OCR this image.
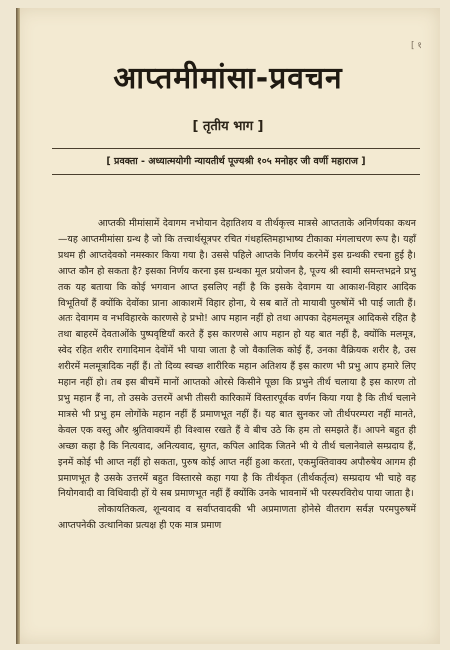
[ १
आप्तमीमांसा-प्रवचन
[ तृतीय भाग ]
[ प्रवक्ता - अध्यात्मयोगी न्यायतीर्थ पूज्यश्री १०५ मनोहर जी वर्णी महाराज ]

आप्तकी मीमांसामें देवागम नभोयान देहातिशय व तीर्थकृत्त्व मात्रसे आप्तताके अनिर्णयका कथन—यह आप्तमीमांसा ग्रन्थ है जो कि तत्त्वार्थसूत्रपर रचित गंधहस्तिमहाभाष्य टीकाका मंगलाचरण रूप है। यहाँ प्रथम ही आप्तदेवको नमस्कार किया गया है। उससे पहिले आप्तके निर्णय करनेमें इस ग्रन्थकी रचना हुई है। आप्त कौन हो सकता है? इसका निर्णय करना इस ग्रन्थका मूल प्रयोजन है, पूज्य श्री स्वामी समन्तभद्रने प्रभु तक यह बताया कि कोई भगवान आप्त इसलिए नहीं है कि इसके देवागम या आकाश-विहार आदिक विभूतियाँ हैं क्योंकि देवोंका प्राना आकाशमें विहार होना, ये सब बातें तो मायावी पुरुषोंमें भी पाई जाती हैं। अतः देवागम व नभविहारके कारणसे हे प्रभो! आप महान नहीं हो तथा आपका देहमलमूत्र आदिकसे रहित है तथा बाहरमें देवताओंके पुष्पवृष्टियाँ करते हैं इस कारणसे आप महान हो यह बात नहीं है, क्योंकि मलमूत्र, स्वेद रहित शरीर रागादिमान देवोंमें भी पाया जाता है जो वैकालिक कोई हैं, उनका वैक्रियक शरीर है, उस शरीरमें मलमूत्रादिक नहीं हैं। तो दिव्य स्वच्छ शारीरिक महान अतिशय हैं इस कारण भी प्रभु आप हमारे लिए महान नहीं हो। तब इस बीचमें मानों आप्तको ओरसे किसीने पूछा कि प्रभुने तीर्थ चलाया है इस कारण तो प्रभु महान हैं ना, तो उसके उत्तरमें अभी तीसरी कारिकामें विस्तारपूर्वक वर्णन किया गया है कि तीर्थ चलाने मात्रसे भी प्रभु हम लोगोंके महान नहीं हैं प्रमाणभूत नहीं हैं। यह बात सुनकर जो तीर्थपरम्परा नहीं मानते, केवल एक वस्तु और श्रुतिवाक्यमें ही विश्वास रखते हैं वे बीच उठे कि हम तो समझते हैं। आपने बहुत ही अच्छा कहा है कि नित्यवाद, अनित्यवाद, सुगत, कपिल आदिक जितने भी ये तीर्थ चलानेवाले सम्प्रदाय हैं, इनमें कोई भी आप्त नहीं हो सकता, पुरुष कोई आप्त नहीं हुआ करता, एकमुक्तिवाक्य अपौरुषेय आगम ही प्रमाणभूत है उसके उत्तरमें बहुत विस्तारसे कहा गया है कि तीर्थकृत (तीर्थकर्तृत्व) सम्प्रदाय भी चाहे वह नियोगवादी वा विधिवादी हों ये सब प्रमाणभूत नहीं हैं क्योंकि उनके भावनामें भी परस्परविरोध पाया जाता है।

लोकायतिकत्व, शून्यवाद व सर्वाप्तवादकी भी अप्रमाणता होनेसे वीतराग सर्वज्ञ परमपुरुषमें आप्तपनेकी उत्थानिका प्रत्यक्ष ही एक मात्र प्रमाण
